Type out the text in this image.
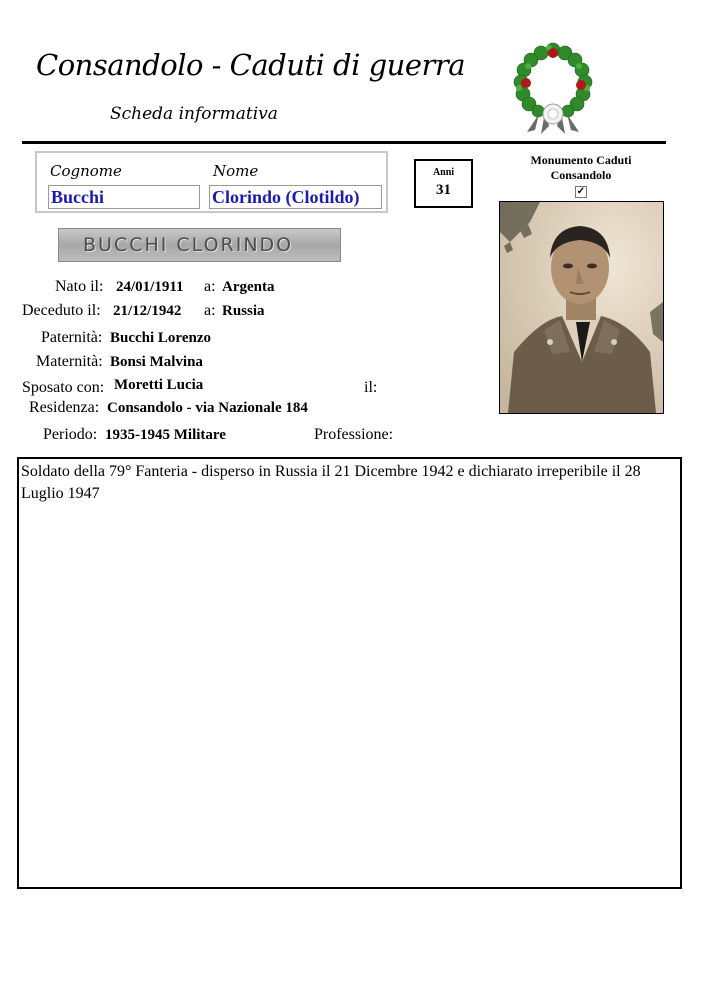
Consandolo - Caduti di guerra
Scheda informativa
Cognome	Nome
Bucchi	Clorindo (Clotildo)
Anni
31
Monumento Caduti Consandolo
✓
BUCCHI CLORINDO
Nato il: 24/01/1911 a: Argenta
Deceduto il: 21/12/1942 a: Russia
Paternità: Bucchi Lorenzo
Maternità: Bonsi Malvina
Sposato con: Moretti Lucia	il:
Residenza: Consandolo - via Nazionale 184
Periodo: 1935-1945 Militare	Professione:
Soldato della 79° Fanteria - disperso in Russia il 21 Dicembre 1942 e dichiarato irreperibile il 28 Luglio 1947
